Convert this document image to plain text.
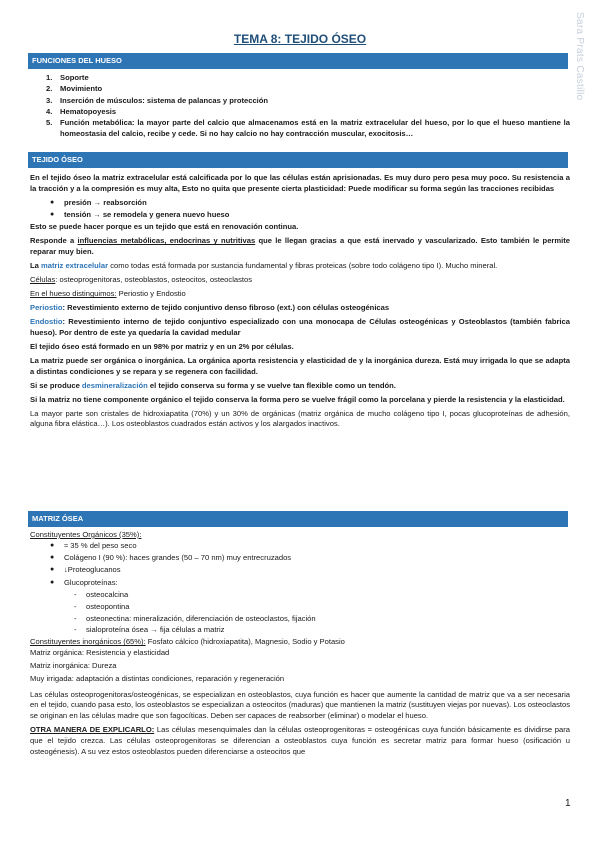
Sara Prats Castillo
TEMA 8: TEJIDO ÓSEO
FUNCIONES DEL HUESO
1. Soporte
2. Movimiento
3. Inserción de músculos: sistema de palancas y protección
4. Hematopoyesis
5. Función metabólica: la mayor parte del calcio que almacenamos está en la matriz extracelular del hueso, por lo que el hueso mantiene la homeostasia del calcio, recibe y cede. Si no hay calcio no hay contracción muscular, exocitosis…
TEJIDO ÓSEO

En el tejido óseo la matriz extracelular está calcificada por lo que las células están aprisionadas. Es muy duro pero pesa muy poco. Su resistencia a la tracción y a la compresión es muy alta, Esto no quita que presente cierta plasticidad: Puede modificar su forma según las tracciones recibidas

● presión → reabsorción
● tensión → se remodela y genera nuevo hueso

Esto se puede hacer porque es un tejido que está en renovación continua.

Responde a influencias metabólicas, endocrinas y nutritivas que le llegan gracias a que está inervado y vascularizado. Esto también le permite reparar muy bien.

La matriz extracelular como todas está formada por sustancia fundamental y fibras proteicas (sobre todo colágeno tipo I). Mucho mineral.

Células: osteoprogenitoras, osteoblastos, osteocitos, osteoclastos

En el hueso distinguimos: Periostio y Endostio

Periostio: Revestimiento externo de tejido conjuntivo denso fibroso (ext.) con células osteogénicas

Endostio: Revestimiento interno de tejido conjuntivo especializado con una monocapa de Células osteogénicas y Osteoblastos (también fabrica hueso). Por dentro de este ya quedaría la cavidad medular

El tejido óseo está formado en un 98% por matriz y en un 2% por células.

La matriz puede ser orgánica o inorgánica. La orgánica aporta resistencia y elasticidad de y la inorgánica dureza. Está muy irrigada lo que se adapta a distintas condiciones y se repara y se regenera con facilidad.

Si se produce desmineralización el tejido conserva su forma y se vuelve tan flexible como un tendón.

Si la matriz no tiene componente orgánico el tejido conserva la forma pero se vuelve frágil como la porcelana y pierde la resistencia y la elasticidad.

La mayor parte son cristales de hidroxiapatita (70%) y un 30% de orgánicas (matriz orgánica de mucho colágeno tipo I, pocas glucoproteínas de adhesión, alguna fibra elástica…). Los osteoblastos cuadrados están activos y los alargados inactivos.

MATRIZ ÓSEA

Constituyentes Orgánicos (35%):

● ≈ 35 % del peso seco
● Colágeno I (90 %): haces grandes (50 – 70 nm) muy entrecruzados
● ↓Proteoglucanos
● Glucoproteínas:
- osteocalcina
- osteopontina
- osteonectina: mineralización, diferenciación de osteoclastos, fijación
- sialoproteína ósea → fija células a matriz

Constituyentes inorgánicos (65%): Fosfato cálcico (hidroxiapatita), Magnesio, Sodio y Potasio

Matriz orgánica: Resistencia y elasticidad

Matriz inorgánica: Dureza

Muy irrigada: adaptación a distintas condiciones, reparación y regeneración

Las células osteoprogenitoras/osteogénicas, se especializan en osteoblastos, cuya función es hacer que aumente la cantidad de matriz que va a ser necesaria en el tejido, cuando pasa esto, los osteoblastos se especializan a osteocitos (maduras) que mantienen la matriz (sustituyen viejas por nuevas). Los osteoclastos se originan en las células madre que son fagocíticas. Deben ser capaces de reabsorber (eliminar) o modelar el hueso.

OTRA MANERA DE EXPLICARLO: Las células mesenquimales dan la células osteoprogenitoras = osteogénicas cuya función básicamente es dividirse para que el tejido crezca. Las células osteoprogenitoras se diferencian a osteoblastos cuya función es secretar matriz para formar hueso (osificación u osteogénesis). A su vez estos osteoblastos pueden diferenciarse a osteocitos que

1
